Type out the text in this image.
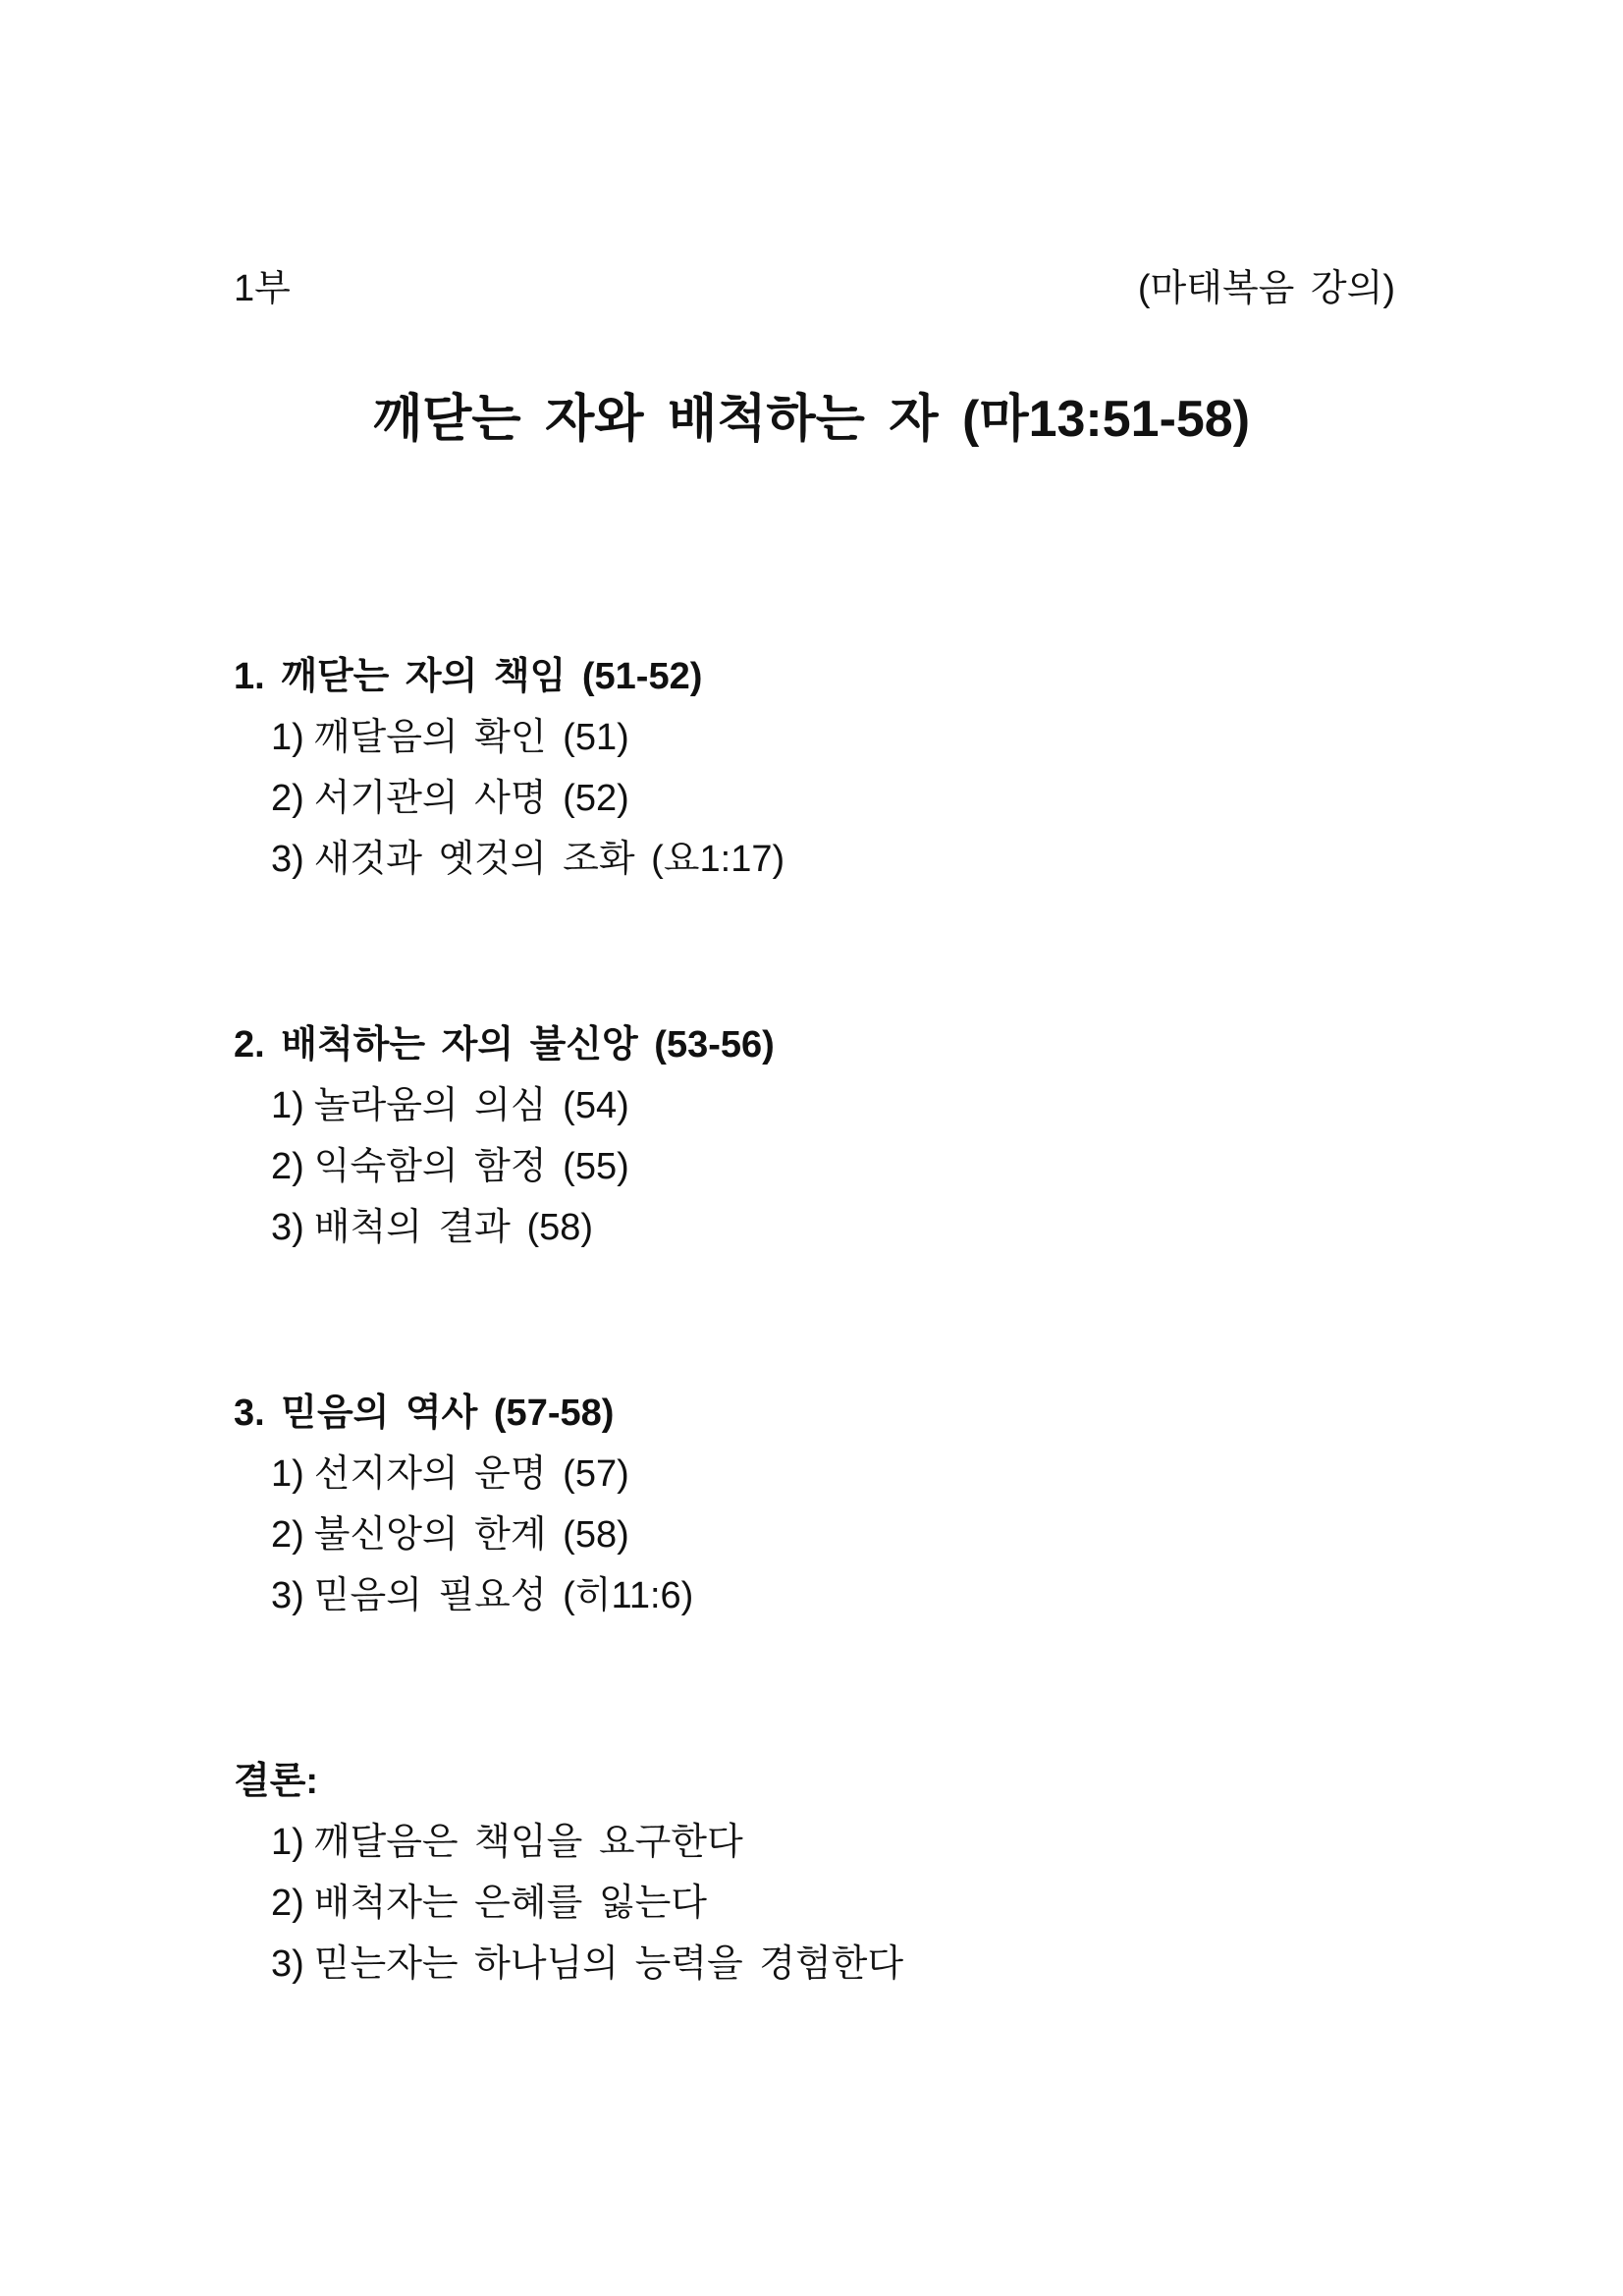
1부	(마태복음 강의)
깨닫는 자와 배척하는 자 (마13:51-58)
1. 깨닫는 자의 책임 (51-52)
1) 깨달음의 확인 (51)
2) 서기관의 사명 (52)
3) 새것과 옛것의 조화 (요1:17)
2. 배척하는 자의 불신앙 (53-56)
1) 놀라움의 의심 (54)
2) 익숙함의 함정 (55)
3) 배척의 결과 (58)
3. 믿음의 역사 (57-58)
1) 선지자의 운명 (57)
2) 불신앙의 한계 (58)
3) 믿음의 필요성 (히11:6)
결론:
1) 깨달음은 책임을 요구한다
2) 배척자는 은혜를 잃는다
3) 믿는자는 하나님의 능력을 경험한다
